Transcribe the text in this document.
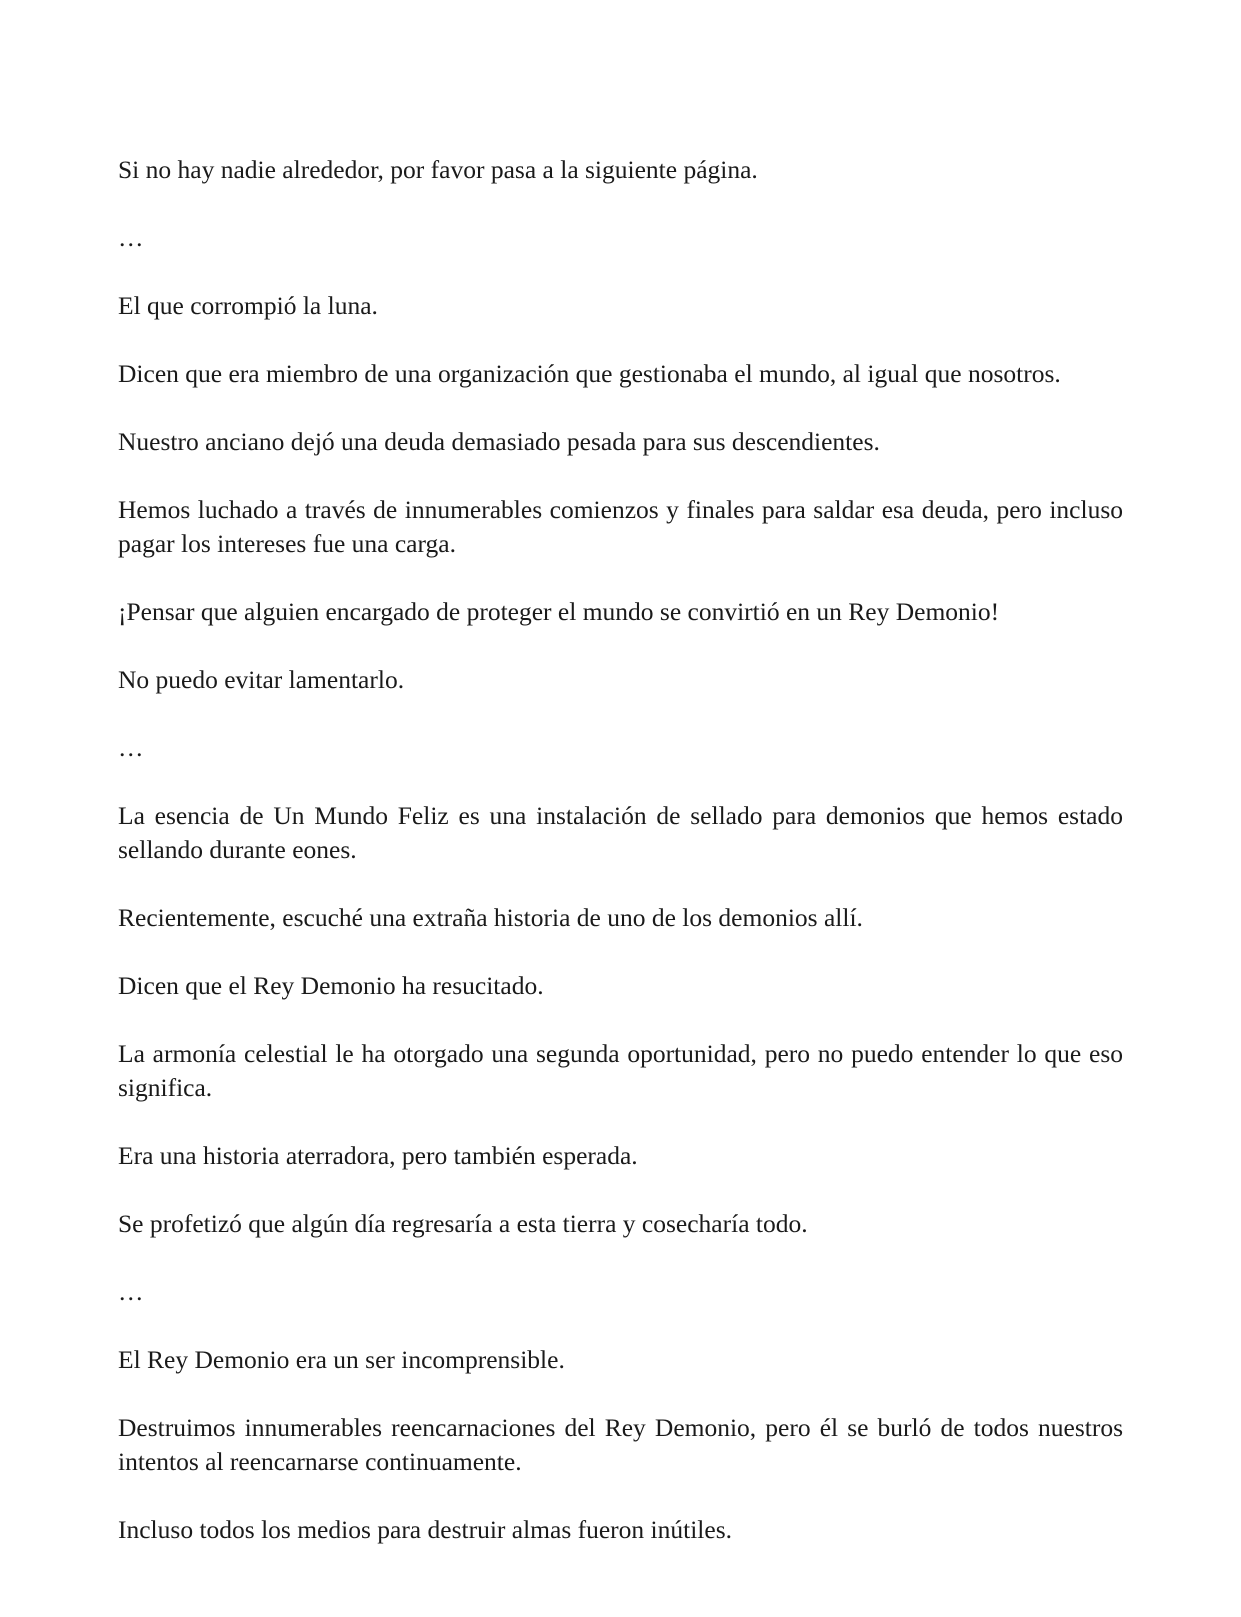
Si no hay nadie alrededor, por favor pasa a la siguiente página.

…

El que corrompió la luna.

Dicen que era miembro de una organización que gestionaba el mundo, al igual que nosotros.

Nuestro anciano dejó una deuda demasiado pesada para sus descendientes.

Hemos luchado a través de innumerables comienzos y finales para saldar esa deuda, pero incluso pagar los intereses fue una carga.

¡Pensar que alguien encargado de proteger el mundo se convirtió en un Rey Demonio!

No puedo evitar lamentarlo.

…

La esencia de Un Mundo Feliz es una instalación de sellado para demonios que hemos estado sellando durante eones.

Recientemente, escuché una extraña historia de uno de los demonios allí.

Dicen que el Rey Demonio ha resucitado.

La armonía celestial le ha otorgado una segunda oportunidad, pero no puedo entender lo que eso significa.

Era una historia aterradora, pero también esperada.

Se profetizó que algún día regresaría a esta tierra y cosecharía todo.

…

El Rey Demonio era un ser incomprensible.

Destruimos innumerables reencarnaciones del Rey Demonio, pero él se burló de todos nuestros intentos al reencarnarse continuamente.

Incluso todos los medios para destruir almas fueron inútiles.
